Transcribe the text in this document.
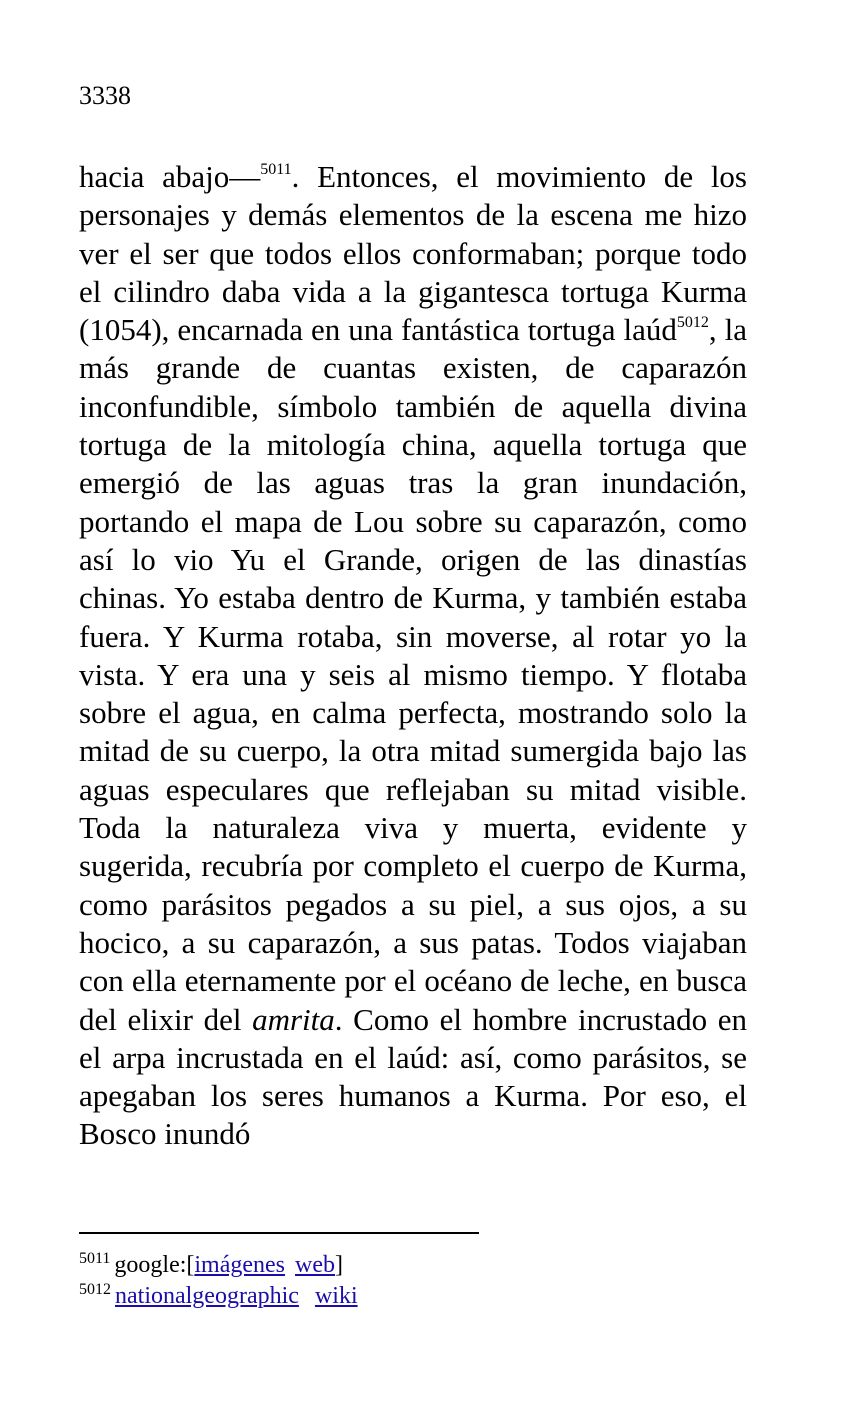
3338
hacia abajo—$^{5011}$. Entonces, el movimiento de los personajes y demás elementos de la escena me hizo ver el ser que todos ellos conformaban; porque todo el cilindro daba vida a la gigantesca tortuga Kurma (1054), encarnada en una fantástica tortuga laúd$^{5012}$, la más grande de cuantas existen, de caparazón inconfundible, símbolo también de aquella divina tortuga de la mitología china, aquella tortuga que emergió de las aguas tras la gran inundación, portando el mapa de Lou sobre su caparazón, como así lo vio Yu el Grande, origen de las dinastías chinas. Yo estaba dentro de Kurma, y también estaba fuera. Y Kurma rotaba, sin moverse, al rotar yo la vista. Y era una y seis al mismo tiempo. Y flotaba sobre el agua, en calma perfecta, mostrando solo la mitad de su cuerpo, la otra mitad sumergida bajo las aguas especulares que reflejaban su mitad visible. Toda la naturaleza viva y muerta, evidente y sugerida, recubría por completo el cuerpo de Kurma, como parásitos pegados a su piel, a sus ojos, a su hocico, a su caparazón, a sus patas. Todos viajaban con ella eternamente por el océano de leche, en busca del elixir del amrita. Como el hombre incrustado en el arpa incrustada en el laúd: así, como parásitos, se apegaban los seres humanos a Kurma. Por eso, el Bosco inundó
$^{5011}$ google:[imágenes web]
$^{5012}$ nationalgeographic wiki
